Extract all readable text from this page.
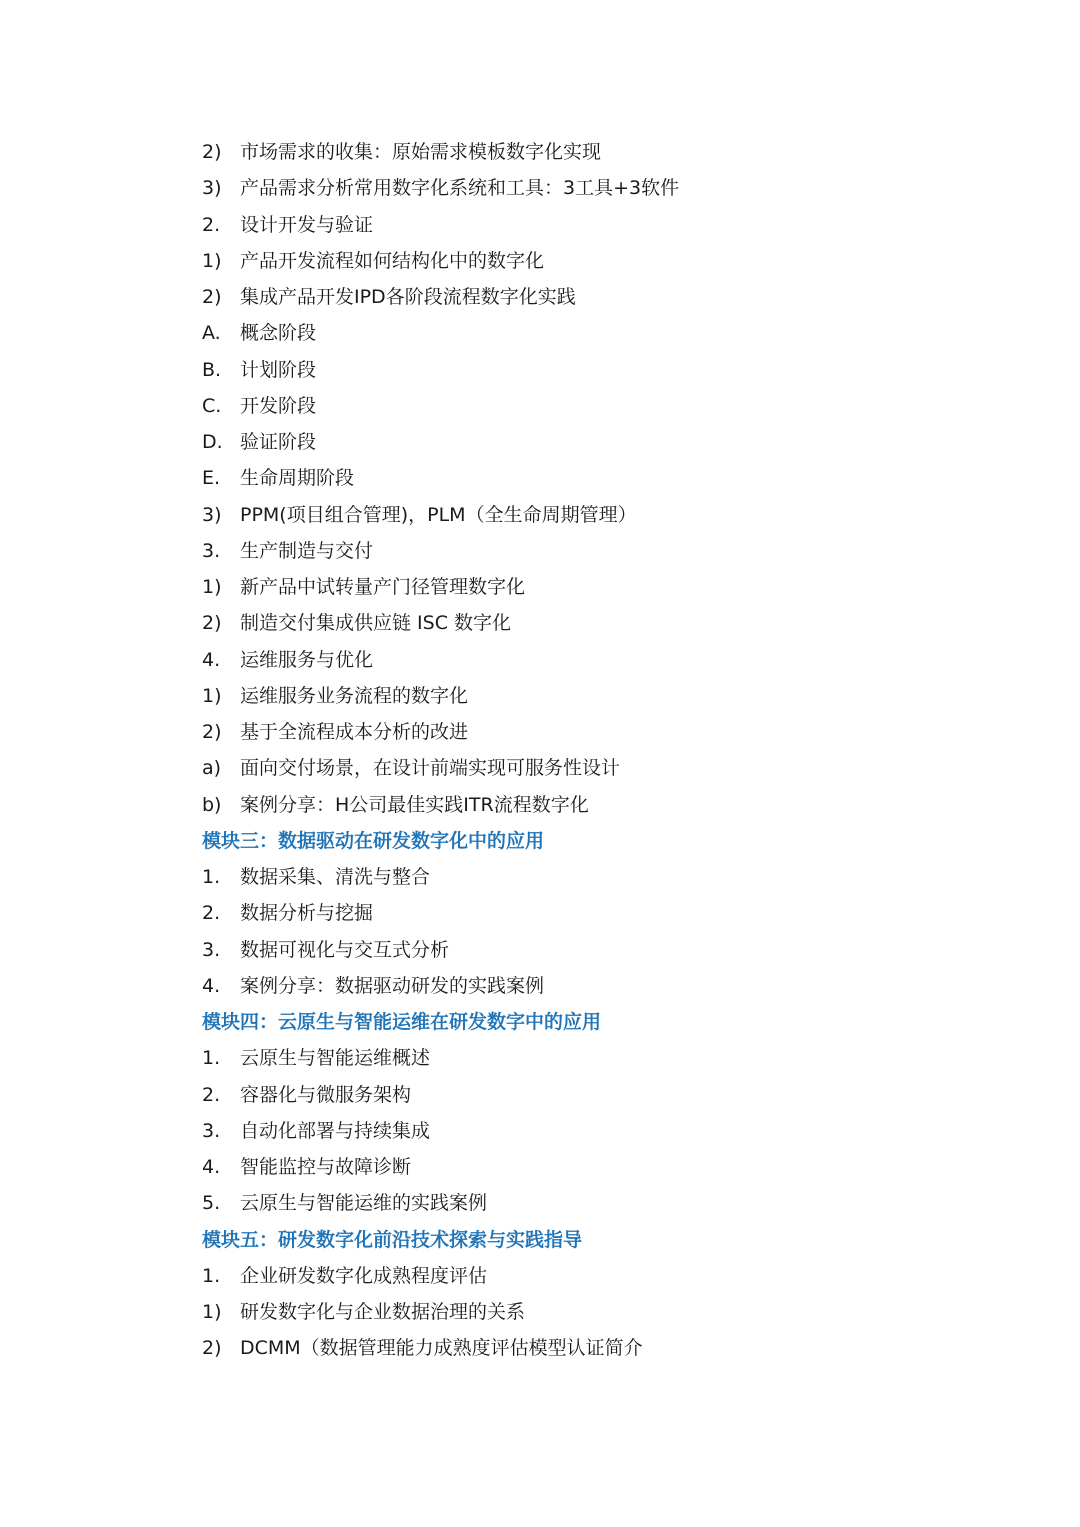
2) 市场需求的收集：原始需求模板数字化实现
3) 产品需求分析常用数字化系统和工具：3工具+3软件
2.	设计开发与验证
1) 产品开发流程如何结构化中的数字化
2) 集成产品开发IPD各阶段流程数字化实践
A.	概念阶段
B. 计划阶段
C. 开发阶段
D. 验证阶段
E.	生命周期阶段
3) PPM(项目组合管理)，PLM（全生命周期管理）
3.	生产制造与交付
1) 新产品中试转量产门径管理数字化
2) 制造交付集成供应链 ISC 数字化
4.	运维服务与优化
1) 运维服务业务流程的数字化
2) 基于全流程成本分析的改进
a) 面向交付场景，在设计前端实现可服务性设计
b) 案例分享：H公司最佳实践ITR流程数字化
模块三：数据驱动在研发数字化中的应用
1.	数据采集、清洗与整合
2.	数据分析与挖掘
3.	数据可视化与交互式分析
4.	案例分享：数据驱动研发的实践案例
模块四：云原生与智能运维在研发数字中的应用
1.	云原生与智能运维概述
2.	容器化与微服务架构
3.	自动化部署与持续集成
4.	智能监控与故障诊断
5.	云原生与智能运维的实践案例
模块五：研发数字化前沿技术探索与实践指导
1.	企业研发数字化成熟程度评估
1) 研发数字化与企业数据治理的关系
2) DCMM（数据管理能力成熟度评估模型认证简介
